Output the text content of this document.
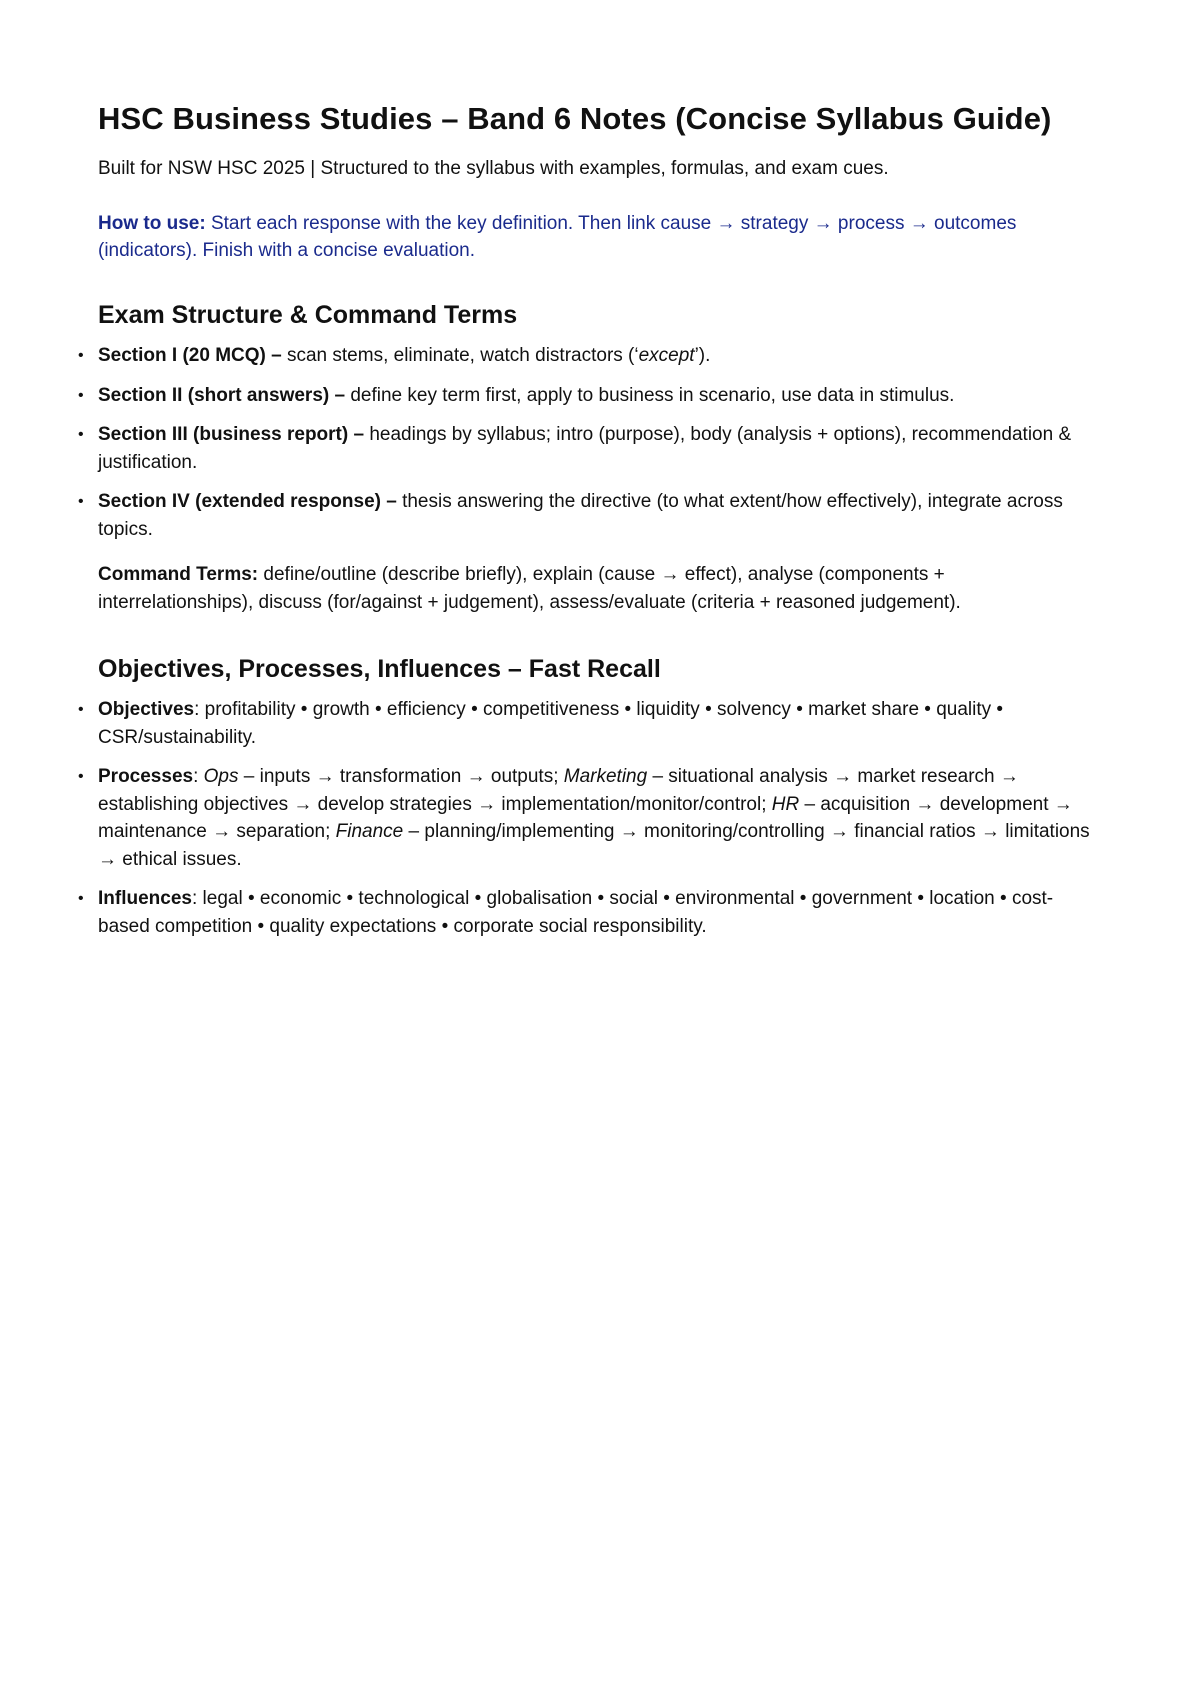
HSC Business Studies – Band 6 Notes (Concise Syllabus Guide)

Built for NSW HSC 2025 | Structured to the syllabus with examples, formulas, and exam cues.

How to use: Start each response with the key definition. Then link cause → strategy → process → outcomes (indicators). Finish with a concise evaluation.

Exam Structure & Command Terms
• Section I (20 MCQ) – scan stems, eliminate, watch distractors (‘except’).
• Section II (short answers) – define key term first, apply to business in scenario, use data in stimulus.
• Section III (business report) – headings by syllabus; intro (purpose), body (analysis + options), recommendation & justification.
• Section IV (extended response) – thesis answering the directive (to what extent/how effectively), integrate across topics.

Command Terms: define/outline (describe briefly), explain (cause → effect), analyse (components + interrelationships), discuss (for/against + judgement), assess/evaluate (criteria + reasoned judgement).

Objectives, Processes, Influences – Fast Recall
• Objectives: profitability • growth • efficiency • competitiveness • liquidity • solvency • market share • quality • CSR/sustainability.
• Processes: Ops – inputs → transformation → outputs; Marketing – situational analysis → market research → establishing objectives → develop strategies → implementation/monitor/control; HR – acquisition → development → maintenance → separation; Finance – planning/implementing → monitoring/controlling → financial ratios → limitations → ethical issues.
• Influences: legal • economic • technological • globalisation • social • environmental • government • location • cost-based competition • quality expectations • corporate social responsibility.
